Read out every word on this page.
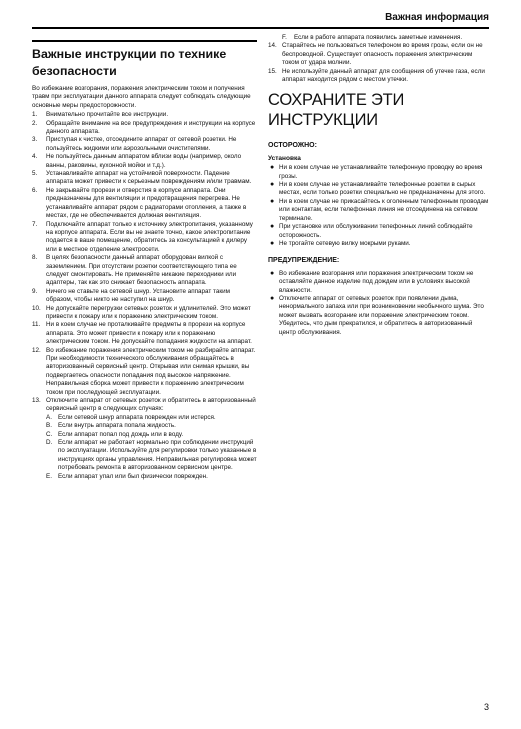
Важная информация
Важные инструкции по технике безопасности
Во избежание возгорания, поражения электрическим током и получения травм при эксплуатации данного аппарата следует соблюдать следующие основные меры предосторожности.
1. Внимательно прочитайте все инструкции.
2. Обращайте внимание на все предупреждения и инструкции на корпусе данного аппарата.
3. Приступая к чистке, отсоедините аппарат от сетевой розетки. Не пользуйтесь жидкими или аэрозольными очистителями.
4. Не пользуйтесь данным аппаратом вблизи воды (например, около ванны, раковины, кухонной мойки и т.д.).
5. Устанавливайте аппарат на устойчивой поверхности. Падение аппарата может привести к серьезным повреждениям и/или травмам.
6. Не закрывайте прорези и отверстия в корпусе аппарата. Они предназначены для вентиляции и предотвращения перегрева. Не устанавливайте аппарат рядом с радиаторами отопления, а также в местах, где не обеспечивается должная вентиляция.
7. Подключайте аппарат только к источнику электропитания, указанному на корпусе аппарата. Если вы не знаете точно, какое электропитание подается в ваше помещение, обратитесь за консультацией к дилеру или в местное отделение электросети.
8. В целях безопасности данный аппарат оборудован вилкой с заземлением. При отсутствии розетки соответствующего типа ее следует смонтировать. Не применяйте никакие переходники или адаптеры, так как это снижает безопасность аппарата.
9. Ничего не ставьте на сетевой шнур. Установите аппарат таким образом, чтобы никто не наступил на шнур.
10. Не допускайте перегрузки сетевых розеток и удлинителей. Это может привести к пожару или к поражению электрическим током.
11. Ни в коем случае не проталкивайте предметы в прорези на корпусе аппарата. Это может привести к пожару или к поражению электрическим током. Не допускайте попадания жидкости на аппарат.
12. Во избежание поражения электрическим током не разбирайте аппарат. При необходимости технического обслуживания обращайтесь в авторизованный сервисный центр. Открывая или снимая крышки, вы подвергаетесь опасности попадания под высокое напряжение. Неправильная сборка может привести к поражению электрическим током при последующей эксплуатации.
13. Отключите аппарат от сетевых розеток и обратитесь в авторизованный сервисный центр в следующих случаях:
A. Если сетевой шнур аппарата поврежден или истерся.
B. Если внутрь аппарата попала жидкость.
C. Если аппарат попал под дождь или в воду.
D. Если аппарат не работает нормально при соблюдении инструкций по эксплуатации. Используйте для регулировки только указанные в инструкциях органы управления. Неправильная регулировка может потребовать ремонта в авторизованном сервисном центре.
E. Если аппарат упал или был физически поврежден.
F. Если в работе аппарата появились заметные изменения.
14. Старайтесь не пользоваться телефоном во время грозы, если он не беспроводной. Существует опасность поражения электрическим током от удара молнии.
15. Не используйте данный аппарат для сообщения об утечке газа, если аппарат находится рядом с местом утечки.
СОХРАНИТЕ ЭТИ ИНСТРУКЦИИ
ОСТОРОЖНО:
Установка
● Ни в коем случае не устанавливайте телефонную проводку во время грозы.
● Ни в коем случае не устанавливайте телефонные розетки в сырых местах, если только розетки специально не предназначены для этого.
● Ни в коем случае не прикасайтесь к оголенным телефонным проводам или контактам, если телефонная линия не отсоединена на сетевом терминале.
● При установке или обслуживании телефонных линий соблюдайте осторожность.
● Не трогайте сетевую вилку мокрыми руками.
ПРЕДУПРЕЖДЕНИЕ:
● Во избежание возгорания или поражения электрическим током не оставляйте данное изделие под дождем или в условиях высокой влажности.
● Отключите аппарат от сетевых розеток при появлении дыма, ненормального запаха или при возникновении необычного шума. Это может вызвать возгорание или поражение электрическим током. Убедитесь, что дым прекратился, и обратитесь в авторизованный центр обслуживания.
3
